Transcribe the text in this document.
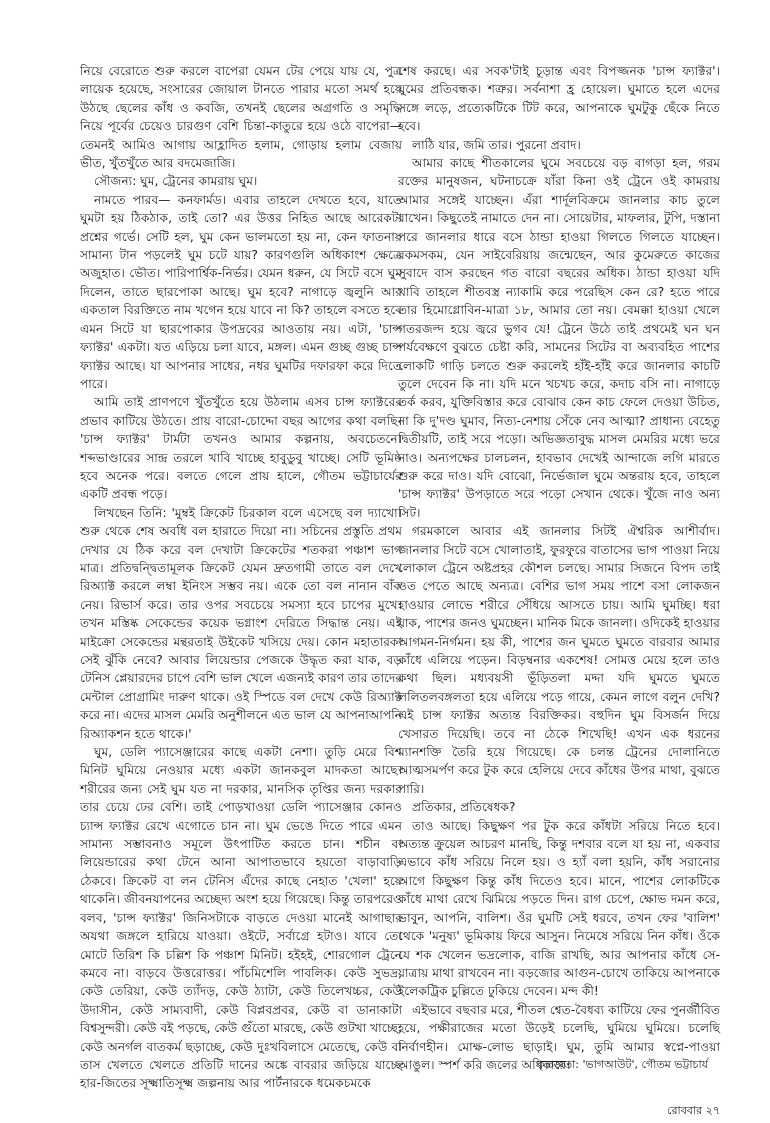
নিয়ে বেরোতে শুরু করলে বাপেরা যেমন টের পেয়ে যায় যে, পুত্র লায়েক হয়েছে, সংসারের জোয়াল টানতে পারার মতো সমর্থ হয়ে উঠছে ছেলের কাঁধ ও কবজি, তখনই ছেলের অগ্রগতি ও সমৃদ্ধি নিয়ে পূর্বের চেয়েও চারগুণ বেশি চিন্তা-কাতুরে হয়ে ওঠে বাপেরা— তেমনই আমিও আগায় আহ্লাদিত হলাম, গোড়ায় হলাম বেজায় ভীত, খুঁতখুঁতে আর বদমেজাজি।

সৌজন্য: ঘুম, ট্রেনের কামরায় ঘুম।

নামতে পারব— কনফার্মড। এবার তাহলে দেখতে হবে, যাতে ঘুমটা হয় ঠিকঠাক, তাই তো? এর উত্তর নিহিত আছে আরেকটা প্রশ্নের গর্ভে। সেটি হল, ঘুম কেন ভালমতো হয় না, কেন ফাতনায় সামান্য টান পড়লেই ঘুম চটে যায়? কারণগুলি অধিকাংশ ক্ষেত্রে অজুহাত। ভৌত। পারিপার্শ্বিক-নির্ভর। যেমন ধরুন, যে সিটে বসে ঘুম দিলেন, তাতে ছারপোকা আছে। ঘুম হবে? নাগাড়ে জ্বলুনি আর একতাল বিরক্তিতে নাম খগেন হয়ে যাবে না কি? তাহলে বসতে হবে এমন সিটে যা ছারপোকার উপদ্রবের আওতায় নয়। এটা, 'চান্স ফ্যাক্টর' একটা। যত এড়িয়ে চলা যাবে, মঙ্গল। এমন গুচ্ছ গুচ্ছ চান্স ফ্যাক্টর আছে। যা আপনার সাধের, নধর ঘুমটির দফারফা করে দিতে পারে।

আমি তাই প্রাণপণে খুঁতখুঁতে হয়ে উঠলাম এসব চান্স ফ্যাক্টরের প্রভাব কাটিয়ে উঠতে। প্রায় বারো-চোদ্দো বছর আগের কথা বলছি। 'চান্স ফ্যাক্টর' টার্মটা তখনও আমার কল্পনায়, অবচেতনে। শব্দভাণ্ডারের সান্দ্র তরলে খাবি খাচ্ছে হাবুডুবু খাচ্ছে। সেটি ভূমিষ্ঠ হবে অনেক পরে। বলতে গেলে প্রায় হালে, গৌতম ভট্টাচার্যের একটি প্রবন্ধ পড়ে।

লিখছেন তিনি: 'মুম্বই ক্রিকেট চিরকাল বলে এসেছে বল দ্যাখো। শুরু থেকে শেষ অবধি বল হারাতে দিয়ো না। সচিনের প্রস্তুতি প্রথম দেখার যে ঠিক করে বল দেখাটা ক্রিকেটের শতকরা পঞ্চাশ ভাগ মাত্র। প্রতিদ্বন্দ্বিতামূলক ক্রিকেট যেমন দ্রুতগামী তাতে বল দেখে রিঅ্যাক্ট করলে লম্বা ইনিংস সম্ভব নয়। একে তো বল নানান বাঁক নেয়। রিভার্স করে। তার ওপর সবচেয়ে সমস্যা হবে চাপের মুখে। তখন মস্তিষ্ক সেকেন্ডের কয়েক ভগ্নাংশ দেরিতে সিদ্ধান্ত নেয়। এই মাইক্রো সেকেন্ডের মন্থরতাই উইকেট খসিয়ে দেয়। কোন মহাতারকা সেই ঝুঁকি নেবে? আবার লিয়েন্ডার পেজকে উদ্ধৃত করা যাক, বড় টেনিস প্লেয়ারদের চাপে বেশি ভাল খেলে এজন্যই কারণ তার তাদের মেন্টাল প্রোগ্রামিং দারুণ থাকে। ওই স্পিডে বল দেখে কেউ রিঅ্যাক্ট করে না। এদের মাসল মেমরি অনুশীলনে এত ভাল যে আপনাআপনি রিঅ্যাকশন হতে থাকে।'

ঘুম, ডেলি প্যাসেঞ্জারের কাছে একটা নেশা। তুড়ি মেরে বিশ মিনিট ঘুমিয়ে নেওয়ার মধ্যে একটা জানকবুল মাদকতা আছে। শরীরের জন্য সেই ঘুম যত না দরকার, মানসিক তৃপ্তির জন্য দরকার তার চেয়ে ঢের বেশি। তাই পোড়খাওয়া ডেলি প্যাসেঞ্জার কোনও চ্যান্স ফ্যাক্টর রেখে এগোতে চান না। ঘুম ভেঙে দিতে পারে এমন সামান্য সম্ভাবনাও সমূলে উৎপাটিত করতে চান। শচীন বা লিয়েন্ডারের কথা টেনে আনা আপাতভাবে হয়তো বাড়াবাড়ি ঠেকবে। ক্রিকেট বা লন টেনিস এঁদের কাছে নেহাত 'খেলা' হয়ে থাকেনি। জীবনযাপনের অচ্ছেদ্য অংশ হয়ে গিয়েছে। কিন্তু তারপরেও বলব, 'চান্স ফ্যাক্টর' জিনিসটাকে বাড়তে দেওয়া মানেই আগাছার অযথা জঙ্গলে হারিয়ে যাওয়া। ওইটে, সর্বাগ্রে হটাও। যাবে তো মোটে তিরিশ কি চল্লিশ কি পঞ্চাশ মিনিট। হইহই, শোরগোল ট্রেনে কমবে না। বাড়বে উত্তরোত্তর। পাঁচমিশেলি পাবলিক। কেউ সুভদ্র, কেউ তেরিয়া, কেউ ত্যাঁদড়, কেউ ঠ্যাটা, কেউ তিলেখচ্চর, কেউ উদাসীন, কেউ সাম্যবাদী, কেউ বিপ্লবপ্রবর, কেউ বা ডানাকাটা বিশ্বসুন্দরী। কেউ বই পড়ছে, কেউ গুঁতো মারছে, কেউ গুটখা খাচ্ছে, কেউ অনর্গল বাতকর্ম ছড়াচ্ছে, কেউ দুঃখবিলাসে মেতেছে, কেউ বা তাস খেলতে খেলতে প্রতিটি দানের অঙ্কে বাবরার জড়িয়ে যাচ্ছে হার-জিতের সূক্ষ্মাতিসূক্ষ্ম জল্পনায় আর পার্টনারকে ধমেকচমকে

শেষ করছে। এর সবক'টাই চূড়ান্ত এবং বিপজ্জনক 'চান্স ফ্যাক্টর'। ঘুমের প্রতিবন্ধক। শত্রুর। সর্বনাশা হ্র হোয়েল। ঘুমাতে হলে এদের সঙ্গে লড়ে, প্রত্যেকটিকে টিট করে, আপনাকে ঘুমটুকু ছেঁকে নিতে হবে।

লাঠি যার, জমি তার। পুরনো প্রবাদ।

আমার কাছে শীতকালের ঘুমে সবচেয়ে বড় বাগড়া হল, গরম রক্তের মানুষজন, ঘটনাচক্রে যাঁরা কিনা ওই ট্রেনে ওই কামরায় আমার সঙ্গেই যাচ্ছেন। এঁরা শার্দূলবিক্রমে জানলার কাচ তুলে রাখেন। কিছুতেই নামাতে দেন না। সোয়েটার, মাফলার, টুপি, দস্তানা পরে জানলার ধারে বসে ঠান্ডা হাওয়া গিলতে গিলতে যাচ্ছেন। রকমসকম, যেন সাইবেরিয়ায় জন্মেছেন, আর কুমেরুতে কাজের সুবাদে বাস করছেন গত বারো বছরের অধিক। ঠান্ডা হাওয়া যদি খাবি তাহলে শীতবস্ত্র ন্যাকামি করে পরেছিস কেন রে? হতে পারে তার হিমোগ্লোবিন-মাত্রা ১৮, আমার তো নয়। বেমক্কা হাওয়া খেলে গতরজল্দ হয়ে জ্বরে ভুগব যে! ট্রেনে উঠে তাই প্রথমেই ঘন ঘন পর্যবেক্ষণে বুঝতে চেষ্টা করি, সামনের সিটের বা অব্যবহিত পাশের লোকটি গাড়ি চলতে শুরু করলেই হাঁই-হাঁই করে জানলার কাচটি তুলে দেবেন কি না। যদি মনে খচখচ করে, কদাচ বসি না। নাগাড়ে তর্ক করব, যুক্তিবিস্তার করে বোঝাব কেন কাচ ফেলে দেওয়া উচিত, না কি দু'দণ্ড ঘুমাব, নিত্য-নেশায় সেঁকে নেব আত্মা? প্রাধান্য বেহেতু দ্বিতীয়টি, তাই সরে পড়ো। অভিজ্ঞতাবুদ্ধ মাসল মেমরির মধ্যে ভরে নাও। অন্যপক্ষের চালচলন, হাবভাব দেখেই আন্দাজে লগি মারতে শুরু করে দাও। যদি বোঝো, নির্ভেজাল ঘুমে অন্তরায় হবে, তাহলে 'চান্স ফ্যাক্টর' উপড়াতে সরে পড়ো সেখান থেকে। খুঁজে নাও অন্য সিট।

গরমকালে আবার এই জানলার সিটই ঐশ্বরিক আশীর্বাদ। জানলার সিটে বসে খোলাতাই, ফুরফুরে বাতাসের ভাগ পাওয়া নিয়ে লোকাল ট্রেনে অষ্টপ্রহর কৌশল চলছে। সামার সিজনে বিপদ তাই ওত পেতে আছে অন্যত্র। বেশির ভাগ সময় পাশে বসা লোকজন হাওয়ার লোভে শরীরে সেঁধিয়ে আসতে চায়। আমি ঘুমচ্ছি। ধরা যাক, পাশের জনও ঘুমচ্ছেন। মানিক মিকে জানলা। ওদিকেই হাওয়ার আগমন-নির্গমন। হয় কী, পাশের জন ঘুমতে ঘুমতে বারবার আমার কাঁধে এলিয়ে পড়েন। বিড়ম্বনার একশেষ! সোমত্ত মেয়ে হলে তাও কথা ছিল। মধ্যবয়সী ভূঁড়িতলা মদ্দা যদি ঘুমতে ঘুমতে ললিতলবঙ্গলতা হয়ে এলিয়ে পড়ে গায়ে, কেমন লাগে বলুন দেখি? এই চান্স ফ্যাক্টর অত্যন্ত বিরক্তিকর। বহুদিন ঘুম বিসর্জন দিয়ে খেসারত দিয়েছি। তবে না ঠেকে শিখেছি! এখন এক ধরনের ম্যানশক্তি তৈরি হয়ে গিয়েছে। কে চলন্ত ট্রেনের দোলানিতে আত্মসমর্পণ করে টুক করে হেলিয়ে দেবে কাঁধের উপর মাথা, বুঝতে পারি।

প্রতিকার, প্রতিষেধক?

তাও আছে। কিছুক্ষণ পর টুক করে কাঁধটা সরিয়ে নিতে হবে। অত্যন্ত ক্রুয়েল আচরণ মানছি, কিন্তু দশবার বলে যা হয় না, একবার এভাবে কাঁধ সরিয়ে নিলে হয়। ও হ্যাঁ বলা হয়নি, কাঁধ সরানোর আগে কিছুক্ষণ কিন্তু কাঁধ দিতেও হবে। মানে, পাশের লোকটিকে কাঁধে মাথা রেখে ঝিমিয়ে পড়তে দিন। রাগ চেপে, ক্ষোভ দমন করে, ভাবুন, আপনি, বালিশ। ওঁর ঘুমটি সেই ধরবে, তখন ফের 'বালিশ' থেকে 'মনুষ্য' ভূমিকায় ফিরে আসুন। নিমেষে সরিয়ে নিন কাঁধ। ওঁকে যে শক খেলেন ভদ্রলোক, বাজি রাখছি, আর আপনার কাঁধে সে-যাত্রায় মাথা রাখবেন না। বড়জোর আগুন-চোখে তাকিয়ে আপনাকে ইলেকট্রিক চুল্লিতে ঢুকিয়ে দেবেন। মন্দ কী!

এইভাবে বছবার মরে, শীতল শ্বেত-বৈধব্য কাটিয়ে ফের পুনর্জীবিত হয়ে, পক্ষীরাজের মতো উড়েই চলেছি, ঘুমিয়ে ঘুমিয়ে। চলেছি নির্বাণহীন। মোক্ষ-লোভ ছাড়াই। ঘুম, তুমি আমার স্বপ্নে-পাওয়া আঙুল। স্পর্শ করি জলের অধিকারে।

কৃতজ্ঞতা: 'ভাগআউট', গৌতম ভট্টাচার্য
রোববার ২৭
